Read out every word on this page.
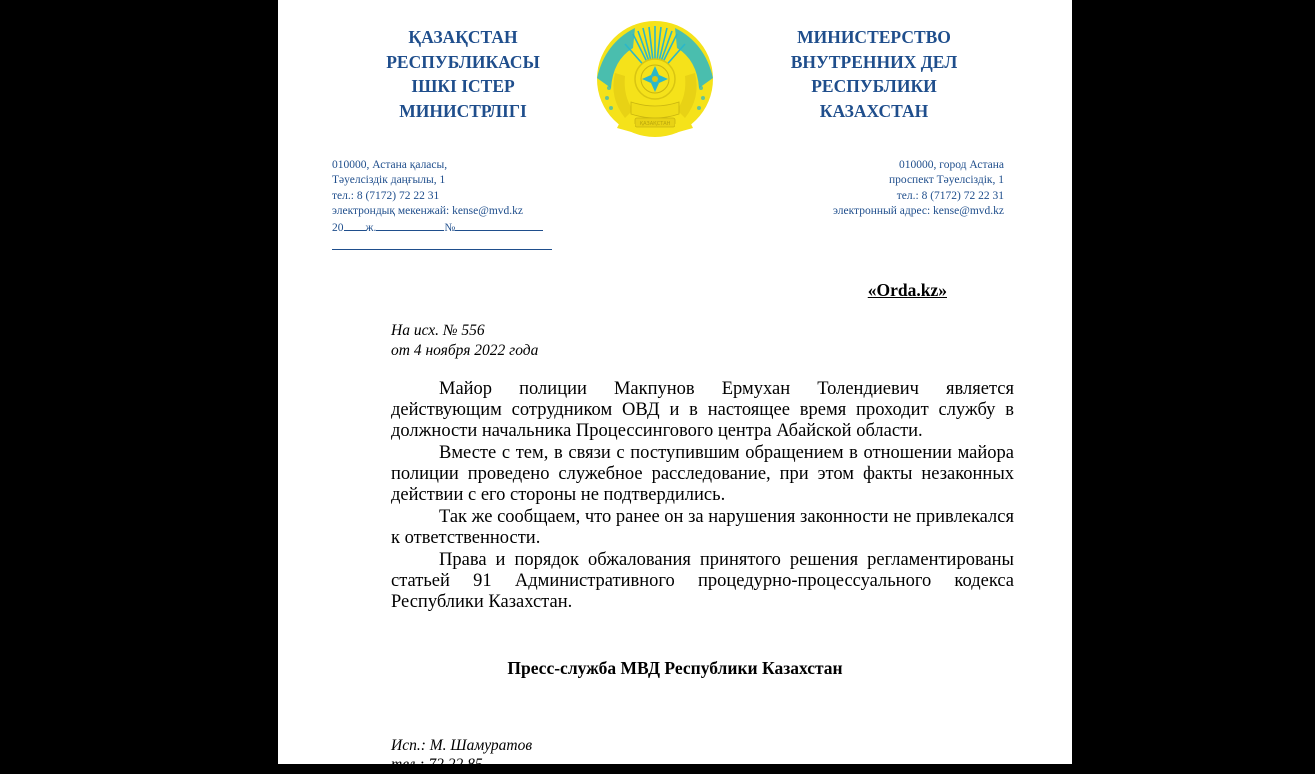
ҚАЗАҚСТАН
РЕСПУБЛИКАСЫ
ІШКІ ІСТЕР
МИНИСТРЛІГІ
ҚАЗАҚСТАН
МИНИСТЕРСТВО
ВНУТРЕННИХ ДЕЛ
РЕСПУБЛИКИ
КАЗАХСТАН
010000, Астана қаласы,
Тәуелсіздік даңғылы, 1
тел.: 8 (7172) 72 22 31
электрондық мекенжай: kense@mvd.kz
20 ж.	№
010000, город Астана
проспект Тәуелсіздік, 1
тел.: 8 (7172) 72 22 31
электронный адрес: kense@mvd.kz
«Orda.kz»
На исх. № 556
от 4 ноября 2022 года

Майор полиции Макпунов Ермухан Толендиевич является действующим сотрудником ОВД и в настоящее время проходит службу в должности начальника Процессингового центра Абайской области.

Вместе с тем, в связи с поступившим обращением в отношении майора полиции проведено служебное расследование, при этом факты незаконных действии с его стороны не подтвердились.

Так же сообщаем, что ранее он за нарушения законности не привлекался к ответственности.

Права и порядок обжалования принятого решения регламентированы статьей 91 Административного процедурно-процессуального кодекса Республики Казахстан.

Пресс-служба МВД Республики Казахстан
Исп.: М. Шамуратов
тел.: 72 22 85
